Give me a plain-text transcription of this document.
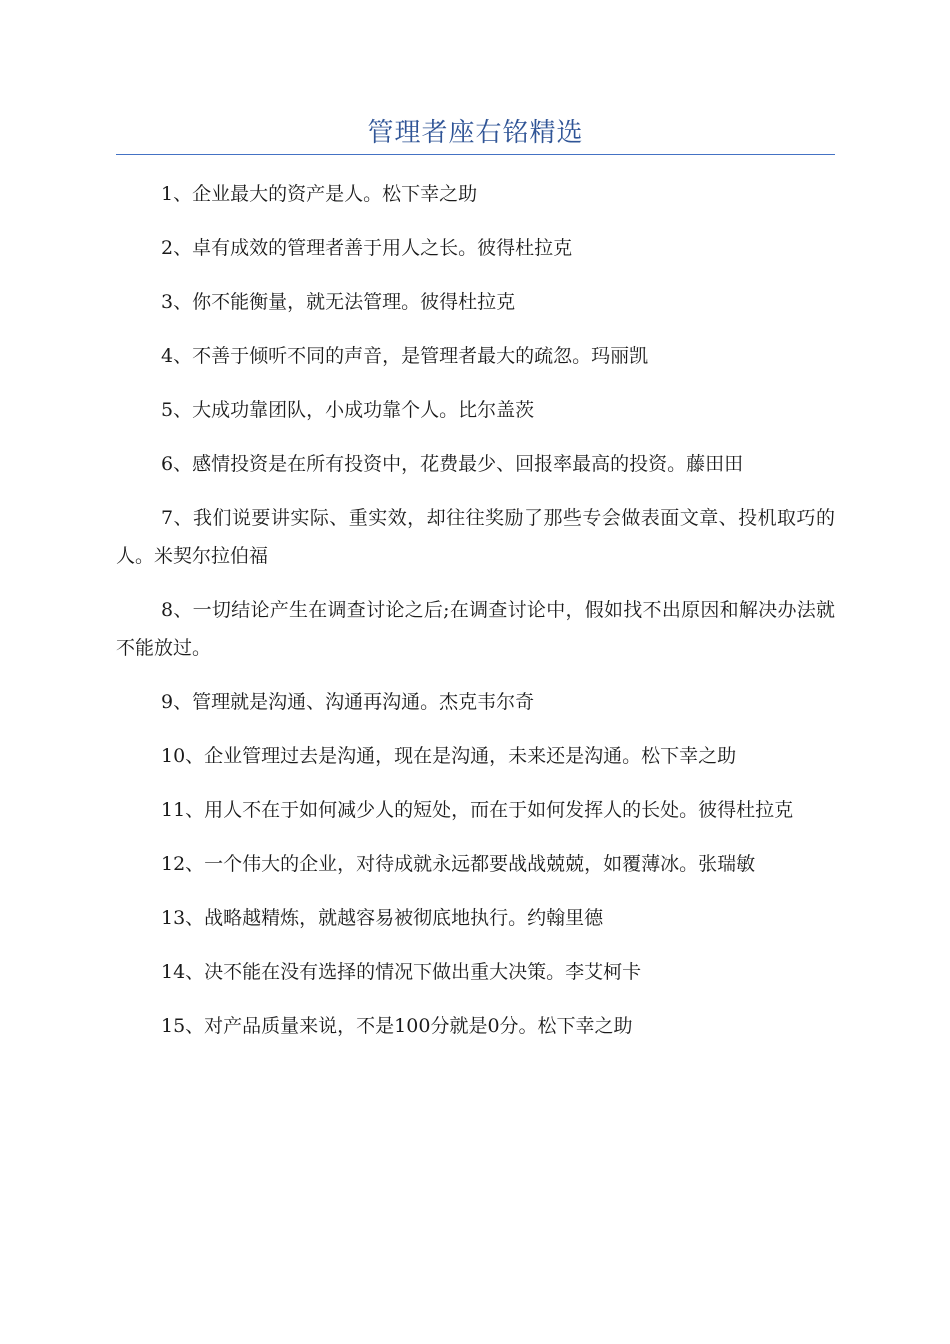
管理者座右铭精选

1、企业最大的资产是人。松下幸之助

2、卓有成效的管理者善于用人之长。彼得杜拉克

3、你不能衡量，就无法管理。彼得杜拉克

4、不善于倾听不同的声音，是管理者最大的疏忽。玛丽凯

5、大成功靠团队，小成功靠个人。比尔盖茨

6、感情投资是在所有投资中，花费最少、回报率最高的投资。藤田田

7、我们说要讲实际、重实效，却往往奖励了那些专会做表面文章、投机取巧的人。米契尔拉伯福

8、一切结论产生在调查讨论之后;在调查讨论中，假如找不出原因和解决办法就不能放过。

9、管理就是沟通、沟通再沟通。杰克韦尔奇

10、企业管理过去是沟通，现在是沟通，未来还是沟通。松下幸之助

11、用人不在于如何减少人的短处，而在于如何发挥人的长处。彼得杜拉克

12、一个伟大的企业，对待成就永远都要战战兢兢，如覆薄冰。张瑞敏

13、战略越精炼，就越容易被彻底地执行。约翰里德

14、决不能在没有选择的情况下做出重大决策。李艾柯卡

15、对产品质量来说，不是100分就是0分。松下幸之助
